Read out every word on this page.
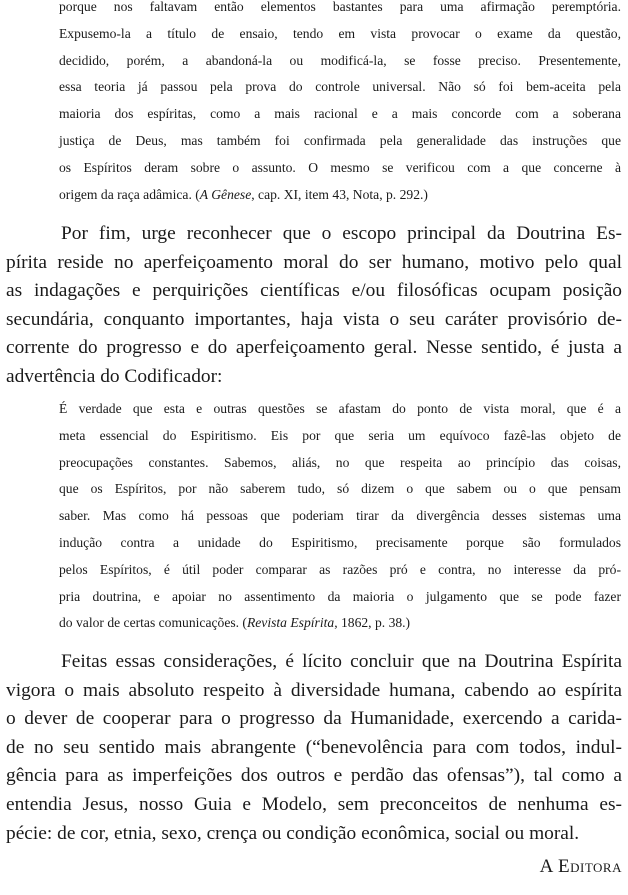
porque nos faltavam então elementos bastantes para uma afirmação peremptória.
Expusemo-la a título de ensaio, tendo em vista provocar o exame da questão,
decidido, porém, a abandoná-la ou modificá-la, se fosse preciso. Presentemente,
essa teoria já passou pela prova do controle universal. Não só foi bem-aceita pela
maioria dos espíritas, como a mais racional e a mais concorde com a soberana
justiça de Deus, mas também foi confirmada pela generalidade das instruções que
os Espíritos deram sobre o assunto. O mesmo se verificou com a que concerne à
origem da raça adâmica. (A Gênese, cap. XI, item 43, Nota, p. 292.)
Por fim, urge reconhecer que o escopo principal da Doutrina Es-
pírita reside no aperfeiçoamento moral do ser humano, motivo pelo qual
as indagações e perquirições científicas e/ou filosóficas ocupam posição
secundária, conquanto importantes, haja vista o seu caráter provisório de-
corrente do progresso e do aperfeiçoamento geral. Nesse sentido, é justa a
advertência do Codificador:
É verdade que esta e outras questões se afastam do ponto de vista moral, que é a
meta essencial do Espiritismo. Eis por que seria um equívoco fazê-las objeto de
preocupações constantes. Sabemos, aliás, no que respeita ao princípio das coisas,
que os Espíritos, por não saberem tudo, só dizem o que sabem ou o que pensam
saber. Mas como há pessoas que poderiam tirar da divergência desses sistemas uma
indução contra a unidade do Espiritismo, precisamente porque são formulados
pelos Espíritos, é útil poder comparar as razões pró e contra, no interesse da pró-
pria doutrina, e apoiar no assentimento da maioria o julgamento que se pode fazer
do valor de certas comunicações. (Revista Espírita, 1862, p. 38.)
Feitas essas considerações, é lícito concluir que na Doutrina Espírita
vigora o mais absoluto respeito à diversidade humana, cabendo ao espírita
o dever de cooperar para o progresso da Humanidade, exercendo a carida-
de no seu sentido mais abrangente (“benevolência para com todos, indul-
gência para as imperfeições dos outros e perdão das ofensas”), tal como a
entendia Jesus, nosso Guia e Modelo, sem preconceitos de nenhuma es-
pécie: de cor, etnia, sexo, crença ou condição econômica, social ou moral.
A Editora
